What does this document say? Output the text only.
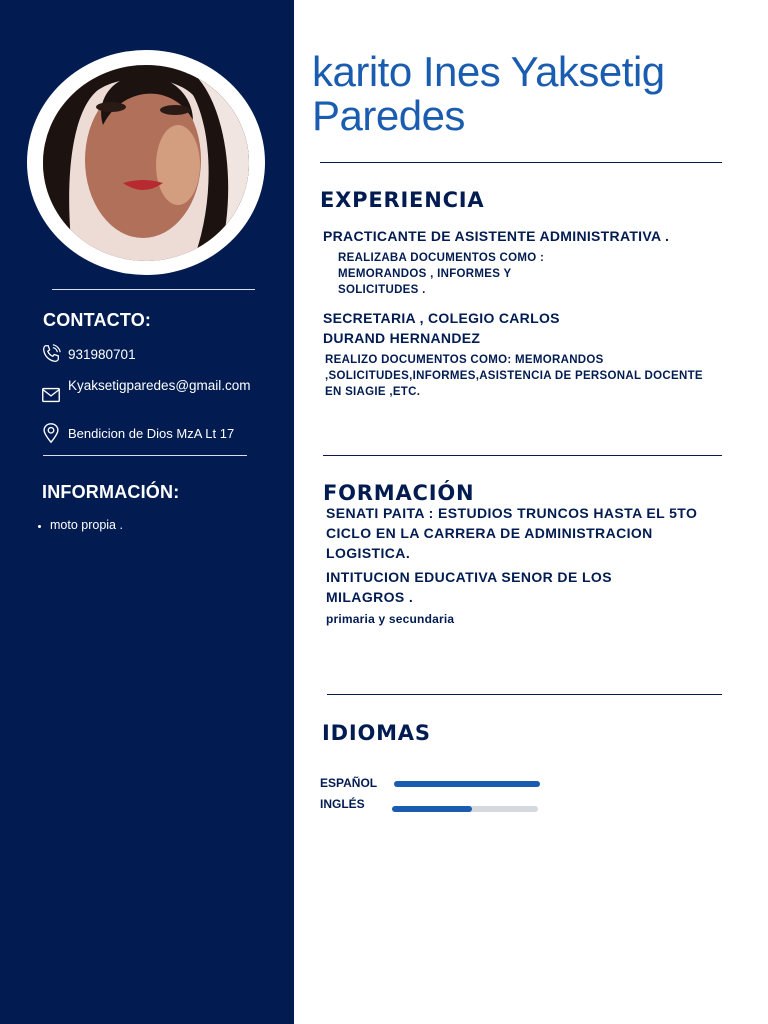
CONTACTO:
931980701
Kyaksetigparedes@gmail.com
Bendicion de Dios MzA Lt 17
INFORMACIÓN:
moto propia .
karito Ines Yaksetig Paredes
EXPERIENCIA
PRACTICANTE DE ASISTENTE ADMINISTRATIVA .
REALIZABA DOCUMENTOS COMO : MEMORANDOS , INFORMES Y SOLICITUDES .
SECRETARIA , COLEGIO CARLOS DURAND HERNANDEZ
REALIZO DOCUMENTOS COMO: MEMORANDOS ,SOLICITUDES,INFORMES,ASISTENCIA DE PERSONAL DOCENTE EN SIAGIE ,ETC.
FORMACIÓN
SENATI PAITA : ESTUDIOS TRUNCOS HASTA EL 5TO CICLO EN LA CARRERA DE ADMINISTRACION LOGISTICA.
INTITUCION EDUCATIVA SENOR DE LOS MILAGROS .
primaria y secundaria
IDIOMAS
ESPAÑOL
INGLÉS
